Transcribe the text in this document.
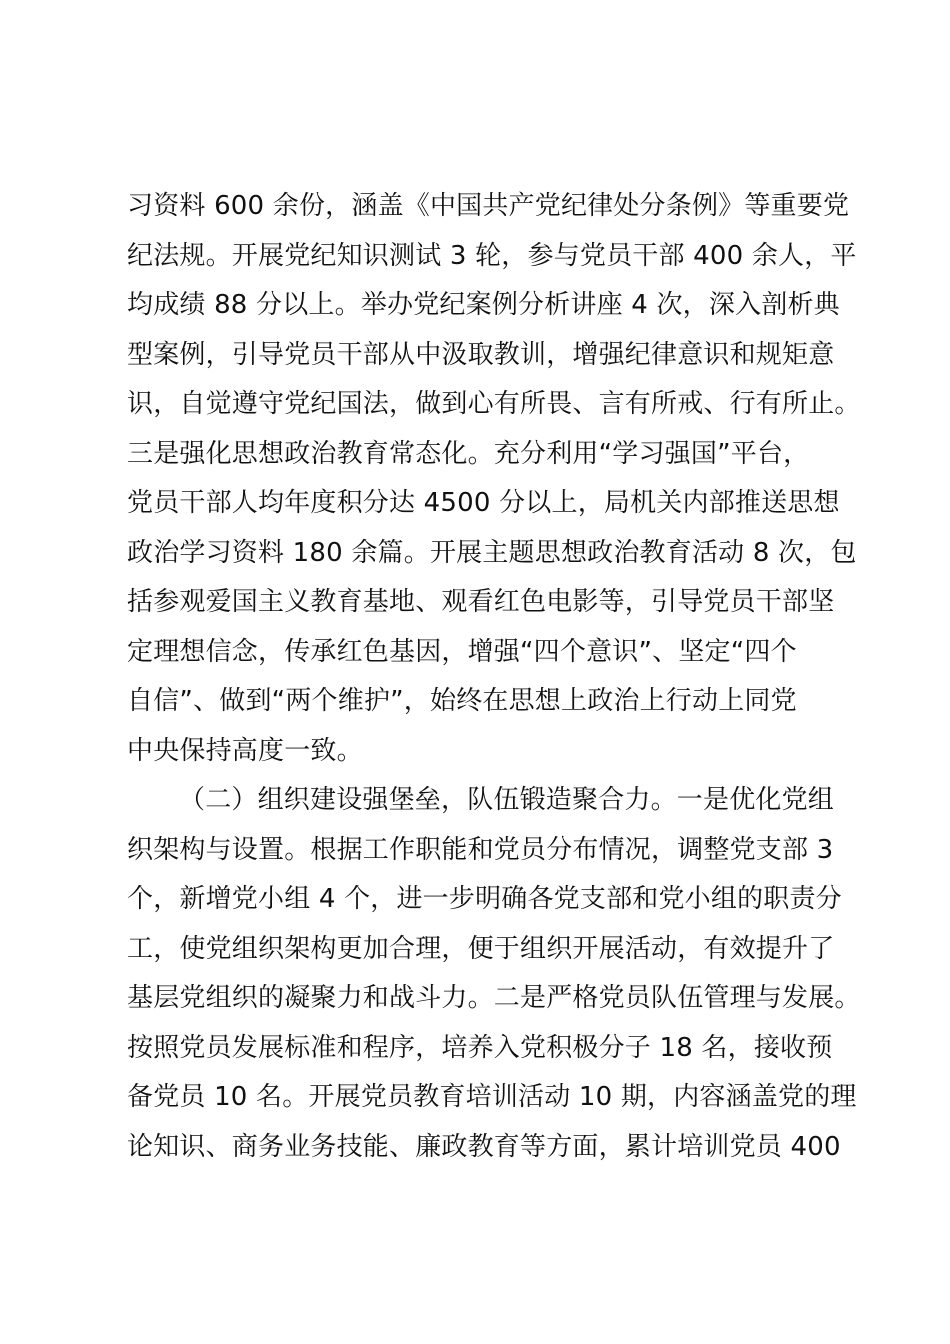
习资料 600 余份，涵盖《中国共产党纪律处分条例》等重要党
纪法规。开展党纪知识测试 3 轮，参与党员干部 400 余人，平
均成绩 88 分以上。举办党纪案例分析讲座 4 次，深入剖析典
型案例，引导党员干部从中汲取教训，增强纪律意识和规矩意
识，自觉遵守党纪国法，做到心有所畏、言有所戒、行有所止。
三是强化思想政治教育常态化。充分利用“学习强国”平台，
党员干部人均年度积分达 4500 分以上，局机关内部推送思想
政治学习资料 180 余篇。开展主题思想政治教育活动 8 次，包
括参观爱国主义教育基地、观看红色电影等，引导党员干部坚
定理想信念，传承红色基因，增强“四个意识”、坚定“四个
自信”、做到“两个维护”，始终在思想上政治上行动上同党
中央保持高度一致。
（二）组织建设强堡垒，队伍锻造聚合力。一是优化党组
织架构与设置。根据工作职能和党员分布情况，调整党支部 3
个，新增党小组 4 个，进一步明确各党支部和党小组的职责分
工，使党组织架构更加合理，便于组织开展活动，有效提升了
基层党组织的凝聚力和战斗力。二是严格党员队伍管理与发展。
按照党员发展标准和程序，培养入党积极分子 18 名，接收预
备党员 10 名。开展党员教育培训活动 10 期，内容涵盖党的理
论知识、商务业务技能、廉政教育等方面，累计培训党员 400
